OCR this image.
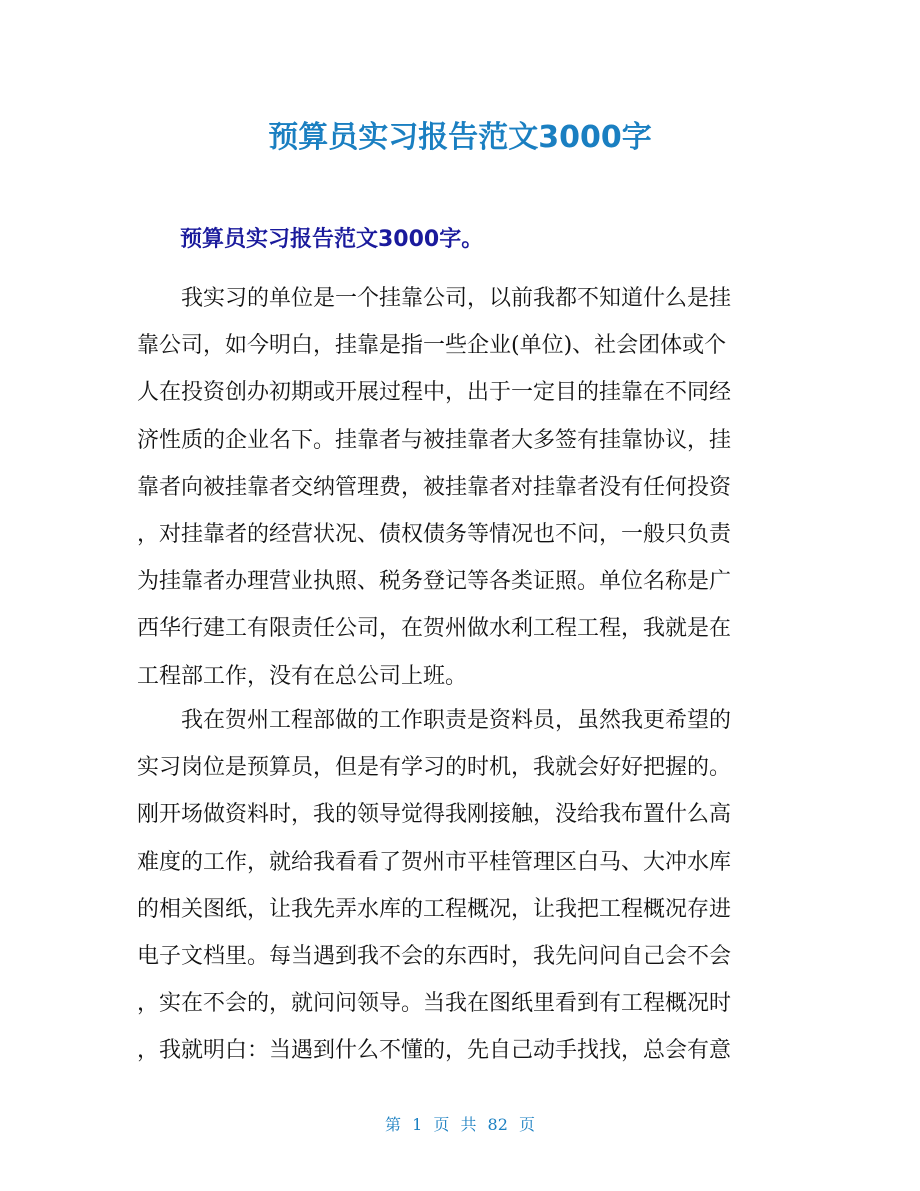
预算员实习报告范文3000字
预算员实习报告范文3000字。

　　我实习的单位是一个挂靠公司，以前我都不知道什么是挂
靠公司，如今明白，挂靠是指一些企业(单位)、社会团体或个
人在投资创办初期或开展过程中，出于一定目的挂靠在不同经
济性质的企业名下。挂靠者与被挂靠者大多签有挂靠协议，挂
靠者向被挂靠者交纳管理费，被挂靠者对挂靠者没有任何投资
，对挂靠者的经营状况、债权债务等情况也不问，一般只负责
为挂靠者办理营业执照、税务登记等各类证照。单位名称是广
西华行建工有限责任公司，在贺州做水利工程工程，我就是在
工程部工作，没有在总公司上班。

　　我在贺州工程部做的工作职责是资料员，虽然我更希望的
实习岗位是预算员，但是有学习的时机，我就会好好把握的。
刚开场做资料时，我的领导觉得我刚接触，没给我布置什么高
难度的工作，就给我看看了贺州市平桂管理区白马、大冲水库
的相关图纸，让我先弄水库的工程概况，让我把工程概况存进
电子文档里。每当遇到我不会的东西时，我先问问自己会不会
，实在不会的，就问问领导。当我在图纸里看到有工程概况时
，我就明白：当遇到什么不懂的，先自己动手找找，总会有意

第 1 页 共 82 页
